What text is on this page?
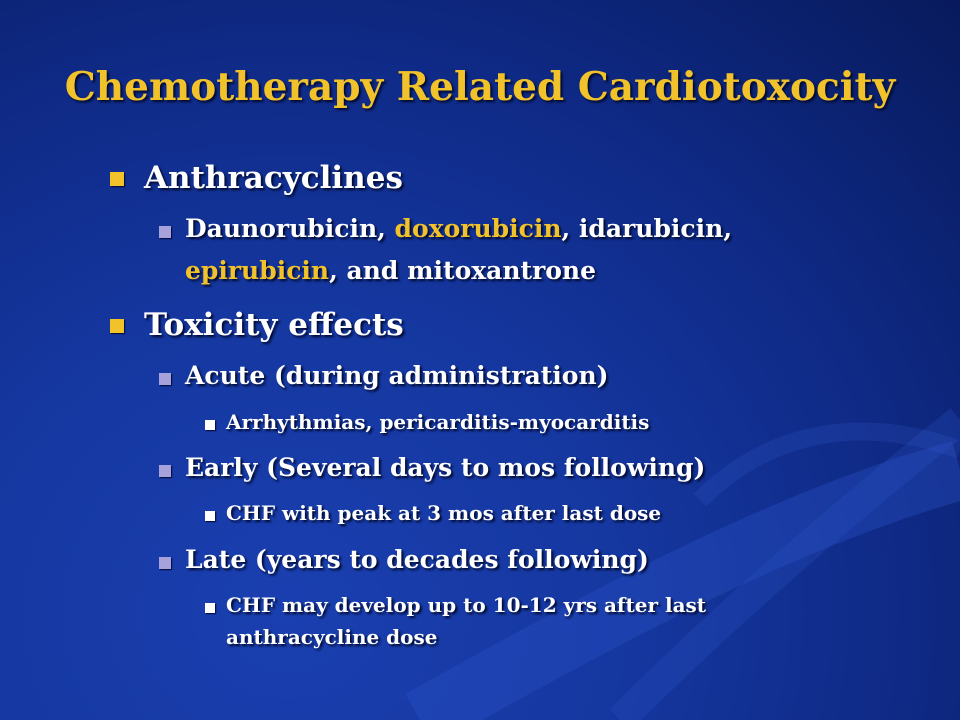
Chemotherapy Related Cardiotoxocity
Anthracyclines
Daunorubicin, doxorubicin, idarubicin,
epirubicin, and mitoxantrone
Toxicity effects
Acute (during administration)
Arrhythmias, pericarditis-myocarditis
Early (Several days to mos following)
CHF with peak at 3 mos after last dose
Late (years to decades following)
CHF may develop up to 10-12 yrs after last
anthracycline dose
